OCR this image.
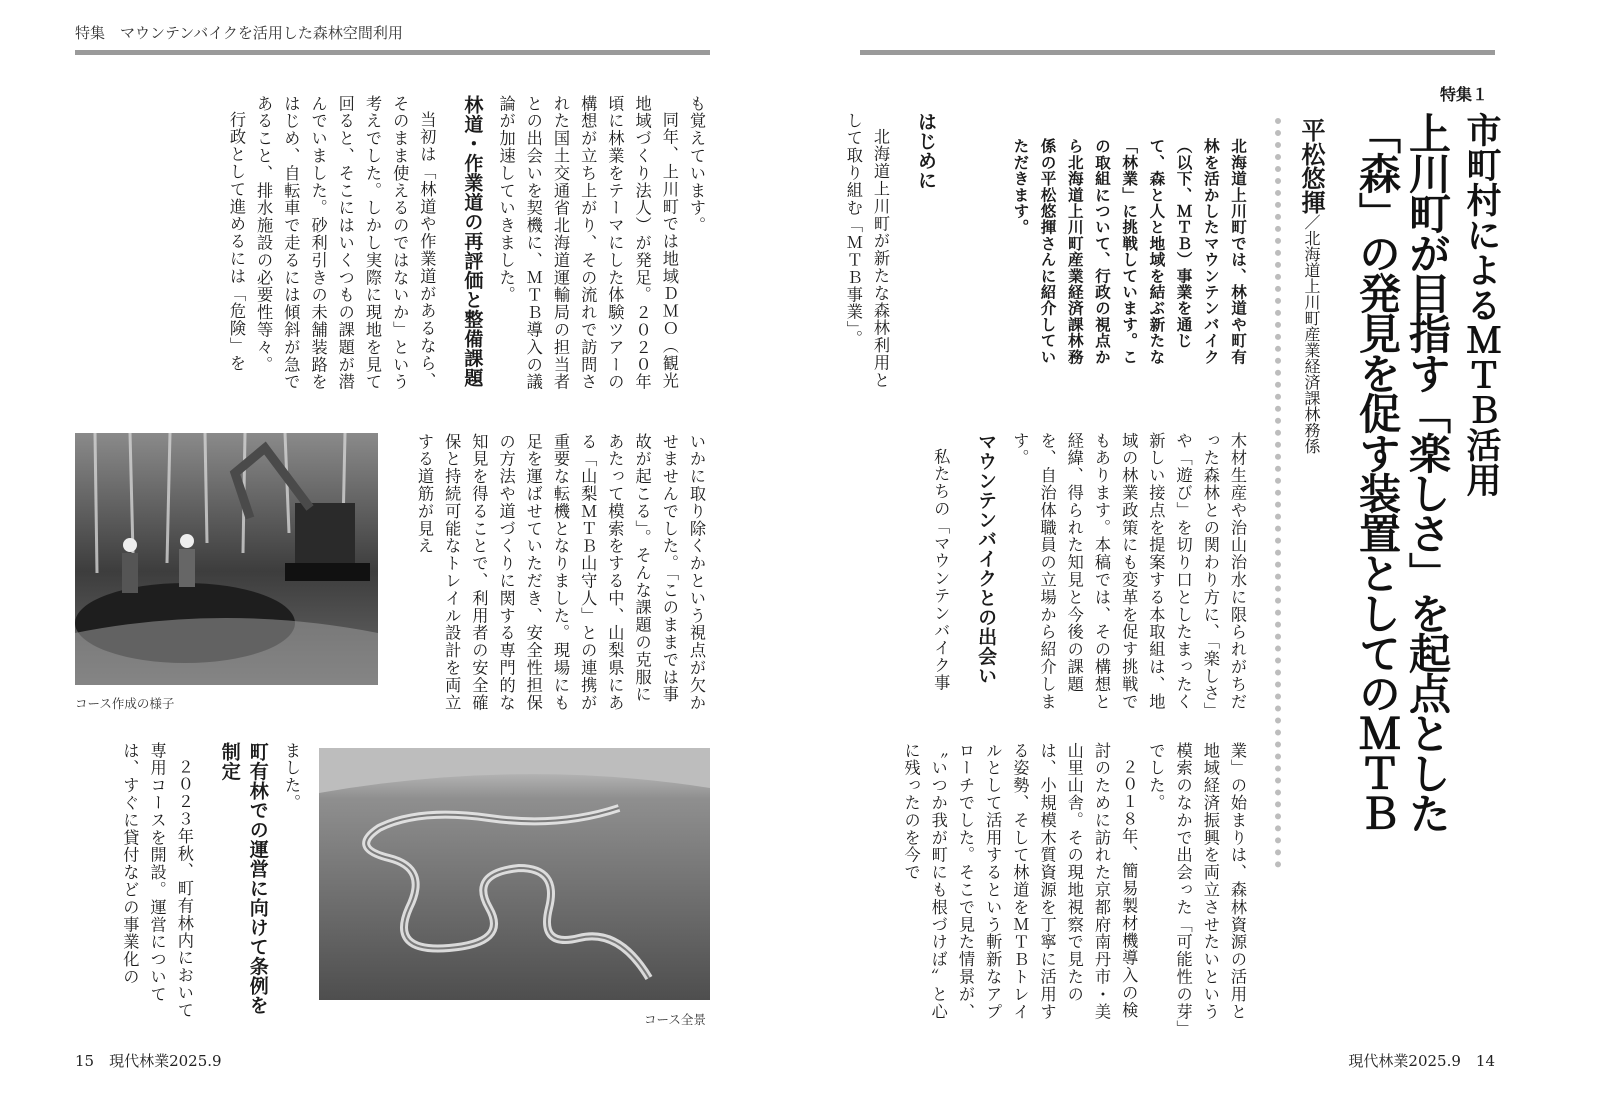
特集　マウンテンバイクを活用した森林空間利用

も覚えています。

同年、上川町では地域ＤＭＯ（観光地域づくり法人）が発足。２０２０年頃に林業をテーマにした体験ツアーの構想が立ち上がり、その流れで訪問された国土交通省北海道運輸局の担当者との出会いを契機に、ＭＴＢ導入の議論が加速していきました。

林道・作業道の再評価と整備課題

当初は「林道や作業道があるなら、そのまま使えるのではないか」という考えでした。しかし実際に現地を見て回ると、そこにはいくつもの課題が潜んでいました。砂利引きの未舗装路をはじめ、自転車で走るには傾斜が急であること、排水施設の必要性等々。

行政として進めるには「危険」を

コース作成の様子	いかに取り除くかという視点が欠かせませんでした。「このままでは事故が起こる」。そんな課題の克服にあたって模索をする中、山梨県にある「山梨ＭＴＢ山守人」との連携が重要な転機となりました。現場にも足を運ばせていただき、安全性担保の方法や道づくりに関する専門的な知見を得ることで、利用者の安全確保と持続可能なトレイル設計を両立する道筋が見え

ました。

町有林での運営に向けて条例を制定

２０２３年秋、町有林内において専用コースを開設。運営については、すぐに貸付などの事業化の

コース全景
15　現代林業2025.9
特集１
市町村によるＭＴＢ活用
上川町が目指す「楽しさ」を起点とした
「森」の発見を促す装置としてのＭＴＢ
平松悠揮／北海道上川町産業経済課林務係
北海道上川町では、林道や町有林を活かしたマウンテンバイク（以下、ＭＴＢ）事業を通じて、森と人と地域を結ぶ新たな「林業」に挑戦しています。この取組について、行政の視点から北海道上川町産業経済課林務係の平松悠揮さんに紹介していただきます。

はじめに

北海道上川町が新たな森林利用として取り組む「ＭＴＢ事業」。

木材生産や治山治水に限られがちだった森林との関わり方に、「楽しさ」や「遊び」を切り口としたまったく新しい接点を提案する本取組は、地域の林業政策にも変革を促す挑戦でもあります。本稿では、その構想と経緯、得られた知見と今後の課題を、自治体職員の立場から紹介します。

マウンテンバイクとの出会い

私たちの「マウンテンバイク事

業」の始まりは、森林資源の活用と地域経済振興を両立させたいという模索のなかで出会った「可能性の芽」でした。

２０１８年、簡易製材機導入の検討のために訪れた京都府南丹市・美山里山舎。その現地視察で見たのは、小規模木質資源を丁寧に活用する姿勢、そして林道をＭＴＢトレイルとして活用するという斬新なアプローチでした。そこで見た情景が、〝いつか我が町にも根づけば〟と心に残ったのを今で

現代林業2025.9　14
